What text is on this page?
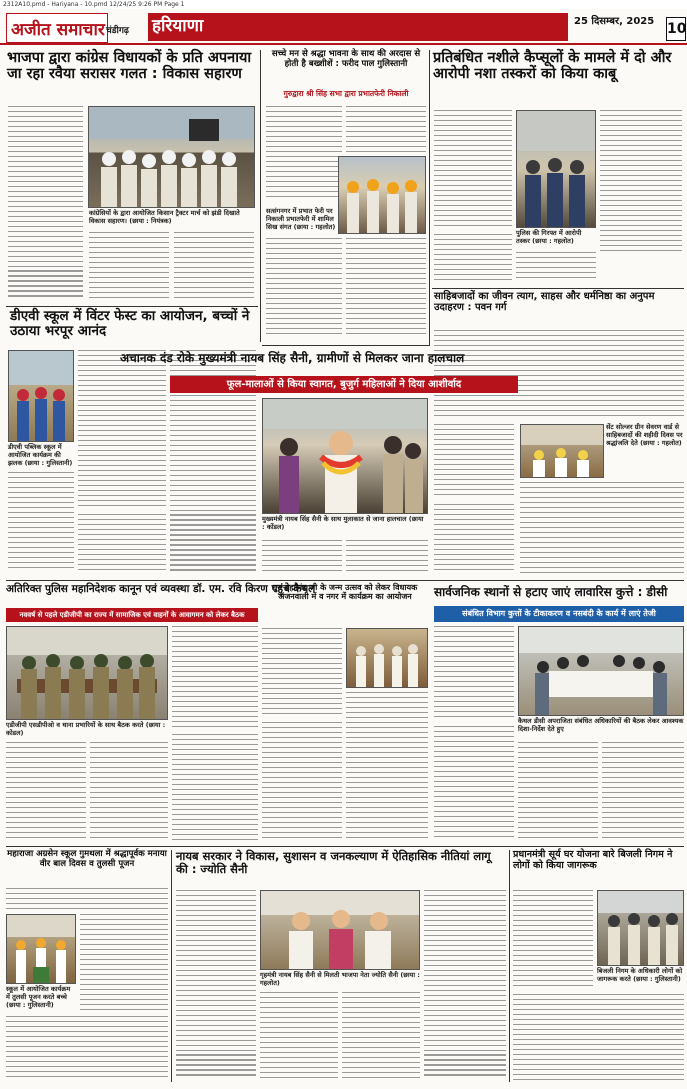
2312A10.pmd - Hariyana - 10.pmd 12/24/25 9:26 PM Page 1
अजीत समाचार चंडीगढ़ हरियाणा	25 दिसम्बर, 2025 10
भाजपा द्वारा कांग्रेस विधायकों के प्रति अपनाया जा रहा रवैया सरासर गलत : विकास सहारण
कांग्रेसियों के द्वारा आयोजित किसान ट्रैक्टर मार्च को झंडी दिखाते विकास सहारण। (छाया : नियंत्रक)
सच्चे मन से श्रद्धा भावना के साथ की अरदास से होती है बख्शीशें : फरीद पाल गुलिस्तानी
गुरुद्वारा श्री सिंह सभा द्वारा प्रभातफेरी निकाली
सत्संगनगर में प्रभात फेरी पर निकाली प्रभातफेरी में शामिल सिख संगत (छाया : गहलोत)
प्रतिबंधित नशीले कैप्सूलों के मामले में दो और आरोपी नशा तस्करों को किया काबू
पुलिस की गिरफ्त में आरोपी तस्कर (छाया : गहलोत)
साहिबजादों का जीवन त्याग, साहस और धर्मनिष्ठा का अनुपम उदाहरण : पवन गर्ग
सेंट सोल्जर ग्रीन सेवरण वार्ड से साहिबजादों की शहीदी दिवस पर श्रद्धांजलि देते (छाया : गहलोत)
डीएवी स्कूल में विंटर फेस्ट का आयोजन, बच्चों ने उठाया भरपूर आनंद
डीएवी पब्लिक स्कूल में आयोजित कार्यक्रम की झलक (छाया : गुलिस्तानी)
अचानक दंड रोके मुख्यमंत्री नायब सिंह सैनी, ग्रामीणों से मिलकर जाना हालचाल
फूल-मालाओं से किया स्वागत, बुजुर्ग महिलाओं ने दिया आशीर्वाद
मुख्यमंत्री नायब सिंह सैनी के साथ मुलाकात से जाना हालचाल (छाया : कोंडल)
गुरु ब्रह्मानंद जी के जन्म उत्सव को लेकर विधायक अंजनवाली में व नगर में कार्यक्रम का आयोजन
अतिरिक्त पुलिस महानिदेशक कानून एवं व्यवस्था डॉ. एम. रवि किरण पहुंचे कैथल
नववर्ष से पहले एडीजीपी का राज्य में सामाजिक एवं वाहनों के आवागमन को लेकर बैठक
एडीजीपी एसडीपीओ व थाना प्रभारियों के साथ बैठक करते (छाया : कोडल)
सार्वजनिक स्थानों से हटाए जाएं लावारिस कुत्ते : डीसी
संबंधित विभाग कुत्तों के टीकाकरण व नसबंदी के कार्य में लाएं तेजी
कैथल डीसी अपराजिता संबंधित अधिकारियों की बैठक लेकर आवश्यक दिशा-निर्देश देते हुए
महाराजा अग्रसेन स्कूल गुमथला में श्रद्धापूर्वक मनाया वीर बाल दिवस व तुलसी पूजन
स्कूल में आयोजित कार्यक्रम में तुलसी पूजन करते बच्चे (छाया : गुलिस्तानी)
नायब सरकार ने विकास, सुशासन व जनकल्याण में ऐतिहासिक नीतियां लागू की : ज्योति सैनी
गृहमंत्री नायब सिंह सैनी से मिलती भाजपा नेता ज्योति सैनी (छाया : गहलोत)
प्रधानमंत्री सूर्य घर योजना बारे बिजली निगम ने लोगों को किया जागरूक
बिजली निगम के अधिकारी लोगों को जागरूक करते (छाया : गुलिस्तानी)
